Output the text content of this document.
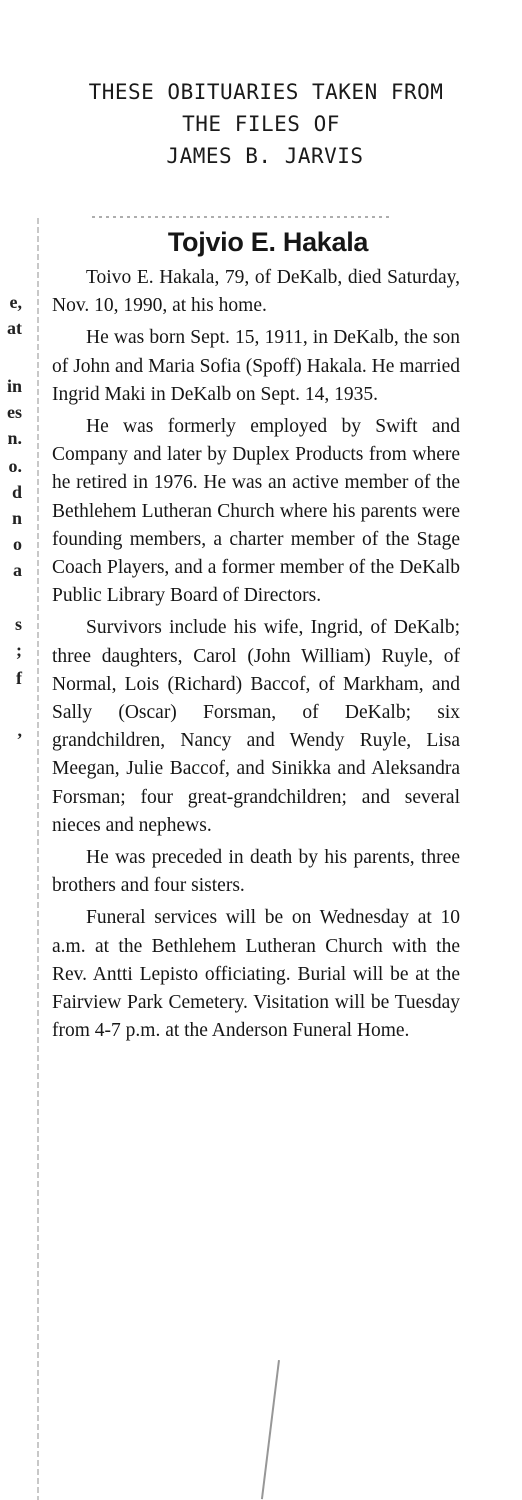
THESE OBITUARIES TAKEN FROM
THE FILES OF
JAMES B. JARVIS
e,
at
in
es
n.
o.
d
n
o
a
s
;
f
,
Tojvio E. Hakala

Toivo E. Hakala, 79, of DeKalb, died Saturday, Nov. 10, 1990, at his home.

He was born Sept. 15, 1911, in DeKalb, the son of John and Maria Sofia (Spoff) Hakala. He married Ingrid Maki in DeKalb on Sept. 14, 1935.

He was formerly employed by Swift and Company and later by Duplex Products from where he retired in 1976. He was an active member of the Bethlehem Lutheran Church where his parents were founding members, a charter member of the Stage Coach Players, and a former member of the DeKalb Public Library Board of Directors.

Survivors include his wife, Ingrid, of DeKalb; three daughters, Carol (John William) Ruyle, of Normal, Lois (Richard) Baccof, of Markham, and Sally (Oscar) Forsman, of DeKalb; six grandchildren, Nancy and Wendy Ruyle, Lisa Meegan, Julie Baccof, and Sinikka and Aleksandra Forsman; four great-grandchildren; and several nieces and nephews.

He was preceded in death by his parents, three brothers and four sisters.

Funeral services will be on Wednesday at 10 a.m. at the Bethlehem Lutheran Church with the Rev. Antti Lepisto officiating. Burial will be at the Fairview Park Cemetery. Visitation will be Tuesday from 4-7 p.m. at the Anderson Funeral Home.
